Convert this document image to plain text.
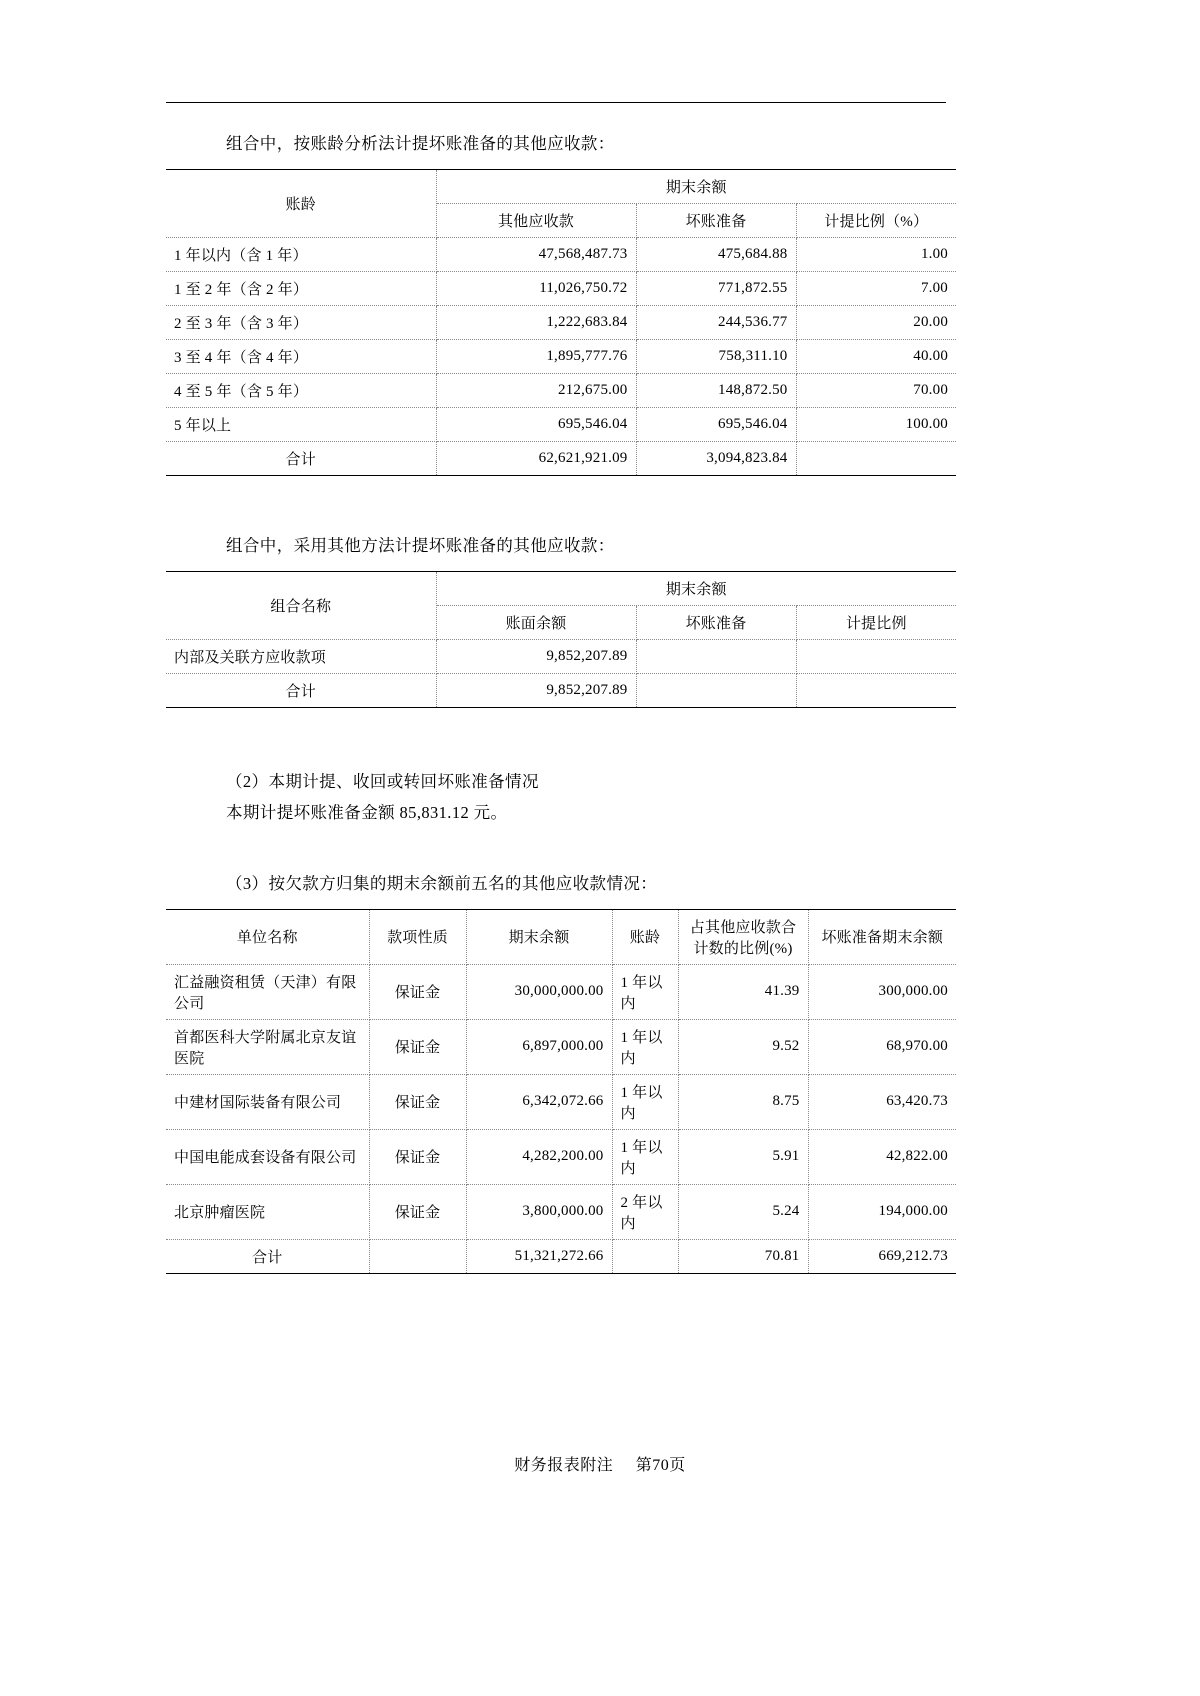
组合中，按账龄分析法计提坏账准备的其他应收款：
账龄	期末余额		
	其他应收款	坏账准备	计提比例（%）
1 年以内（含 1 年）	47,568,487.73	475,684.88	1.00
1 至 2 年（含 2 年）	11,026,750.72	771,872.55	7.00
2 至 3 年（含 3 年）	1,222,683.84	244,536.77	20.00
3 至 4 年（含 4 年）	1,895,777.76	758,311.10	40.00
4 至 5 年（含 5 年）	212,675.00	148,872.50	70.00
5 年以上	695,546.04	695,546.04	100.00
合计	62,621,921.09	3,094,823.84	
组合中，采用其他方法计提坏账准备的其他应收款：
组合名称	期末余额		
	账面余额	坏账准备	计提比例
内部及关联方应收款项	9,852,207.89		
合计	9,852,207.89		
（2）本期计提、收回或转回坏账准备情况
本期计提坏账准备金额 85,831.12 元。
（3）按欠款方归集的期末余额前五名的其他应收款情况：
单位名称	款项性质	期末余额	账龄	占其他应收款合计数的比例(%)	坏账准备期末余额
汇益融资租赁（天津）有限公司	保证金	30,000,000.00	1 年以内	41.39	300,000.00
首都医科大学附属北京友谊医院	保证金	6,897,000.00	1 年以内	9.52	68,970.00
中建材国际装备有限公司	保证金	6,342,072.66	1 年以内	8.75	63,420.73
中国电能成套设备有限公司	保证金	4,282,200.00	1 年以内	5.91	42,822.00
北京肿瘤医院	保证金	3,800,000.00	2 年以内	5.24	194,000.00
合计		51,321,272.66		70.81	669,212.73
财务报表附注 第70页
